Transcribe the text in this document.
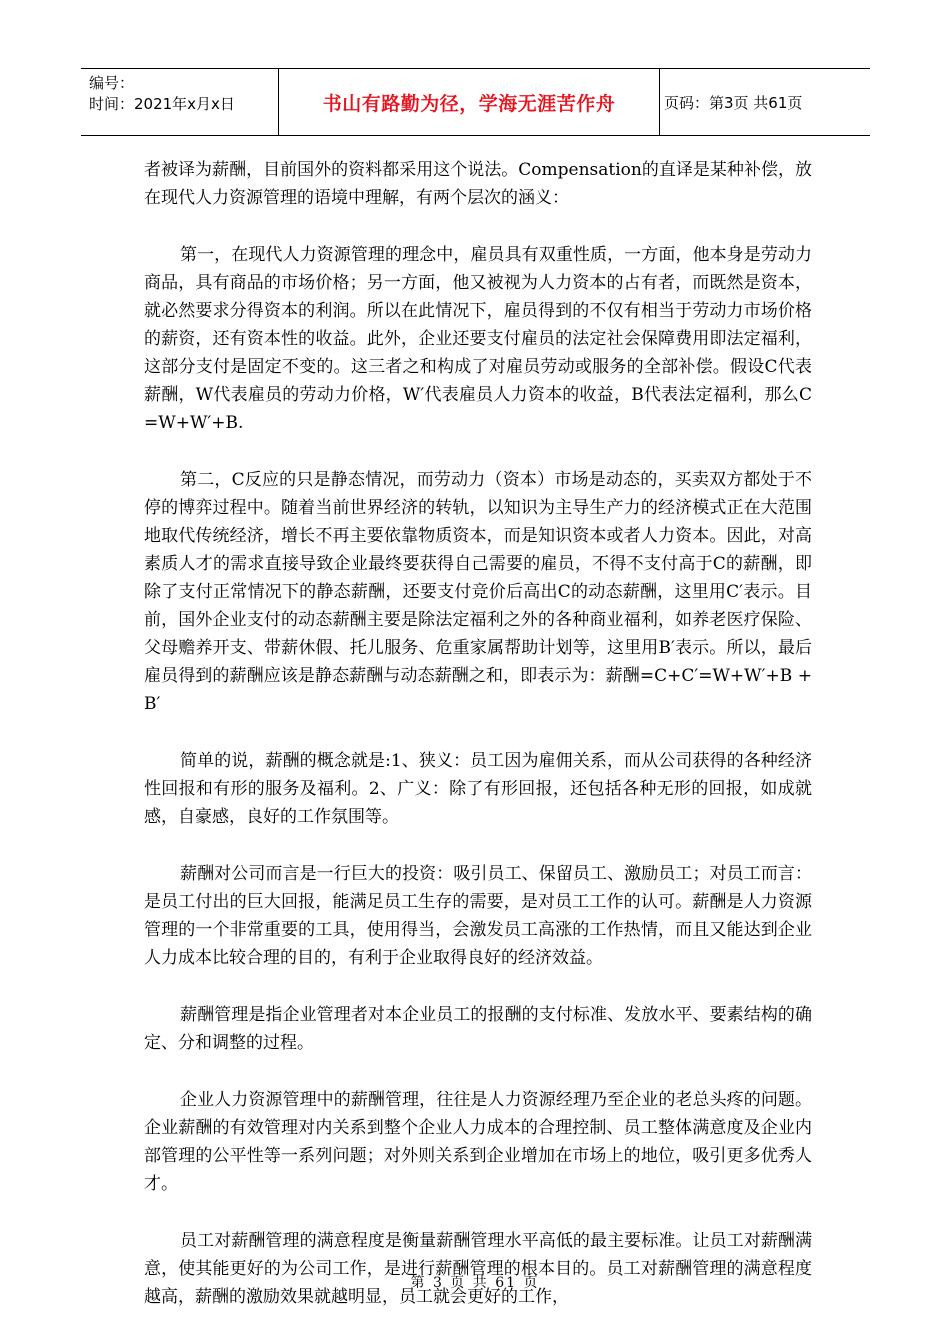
编号：
时间：2021年x月x日	书山有路勤为径，学海无涯苦作舟	页码：第3页 共61页

者被译为薪酬，目前国外的资料都采用这个说法。Compensation的直译是某种补偿，放在现代人力资源管理的语境中理解，有两个层次的涵义：

第一，在现代人力资源管理的理念中，雇员具有双重性质，一方面，他本身是劳动力商品，具有商品的市场价格；另一方面，他又被视为人力资本的占有者，而既然是资本，就必然要求分得资本的利润。所以在此情况下，雇员得到的不仅有相当于劳动力市场价格的薪资，还有资本性的收益。此外，企业还要支付雇员的法定社会保障费用即法定福利，这部分支付是固定不变的。这三者之和构成了对雇员劳动或服务的全部补偿。假设C代表薪酬，W代表雇员的劳动力价格，W′代表雇员人力资本的收益，B代表法定福利，那么C=W+W′+B.

第二，C反应的只是静态情况，而劳动力（资本）市场是动态的，买卖双方都处于不停的博弈过程中。随着当前世界经济的转轨，以知识为主导生产力的经济模式正在大范围地取代传统经济，增长不再主要依靠物质资本，而是知识资本或者人力资本。因此，对高素质人才的需求直接导致企业最终要获得自己需要的雇员，不得不支付高于C的薪酬，即除了支付正常情况下的静态薪酬，还要支付竞价后高出C的动态薪酬，这里用C′表示。目前，国外企业支付的动态薪酬主要是除法定福利之外的各种商业福利，如养老医疗保险、父母赡养开支、带薪休假、托儿服务、危重家属帮助计划等，这里用B′表示。所以，最后雇员得到的薪酬应该是静态薪酬与动态薪酬之和，即表示为：薪酬=C+C′=W+W′+B +B′

简单的说，薪酬的概念就是:1、狭义：员工因为雇佣关系，而从公司获得的各种经济性回报和有形的服务及福利。2、广义：除了有形回报，还包括各种无形的回报，如成就感，自豪感，良好的工作氛围等。

薪酬对公司而言是一行巨大的投资：吸引员工、保留员工、激励员工；对员工而言：是员工付出的巨大回报，能满足员工生存的需要，是对员工工作的认可。薪酬是人力资源管理的一个非常重要的工具，使用得当，会激发员工高涨的工作热情，而且又能达到企业人力成本比较合理的目的，有利于企业取得良好的经济效益。

薪酬管理是指企业管理者对本企业员工的报酬的支付标准、发放水平、要素结构的确定、分和调整的过程。

企业人力资源管理中的薪酬管理，往往是人力资源经理乃至企业的老总头疼的问题。企业薪酬的有效管理对内关系到整个企业人力成本的合理控制、员工整体满意度及企业内部管理的公平性等一系列问题；对外则关系到企业增加在市场上的地位，吸引更多优秀人才。

员工对薪酬管理的满意程度是衡量薪酬管理水平高低的最主要标准。让员工对薪酬满意，使其能更好的为公司工作，是进行薪酬管理的根本目的。员工对薪酬管理的满意程度越高，薪酬的激励效果就越明显，员工就会更好的工作，

第 3 页 共 61 页
